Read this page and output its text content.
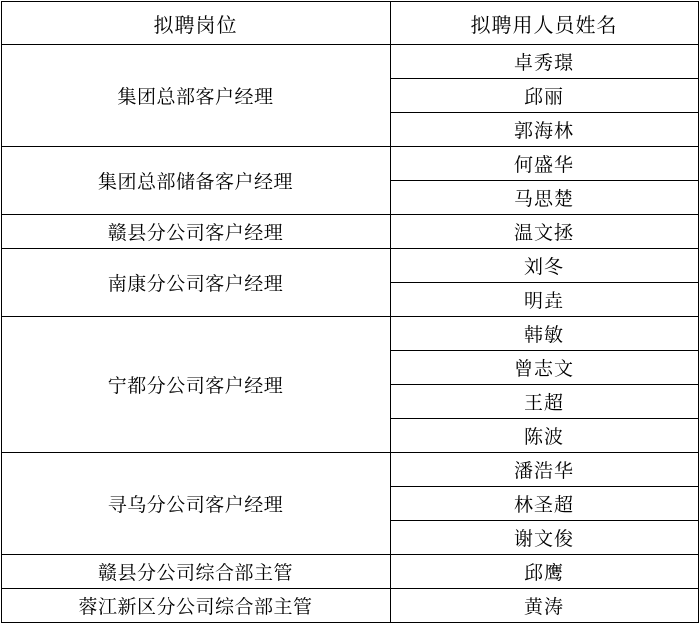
拟聘岗位	拟聘用人员姓名
集团总部客户经理	卓秀璟
	邱丽
	郭海林
集团总部储备客户经理	何盛华
	马思楚
赣县分公司客户经理	温文拯
南康分公司客户经理	刘冬
	明垚
宁都分公司客户经理	韩敏
	曾志文
	王超
	陈波
寻乌分公司客户经理	潘浩华
	林圣超
	谢文俊
赣县分公司综合部主管	邱鹰
蓉江新区分公司综合部主管	黄涛
